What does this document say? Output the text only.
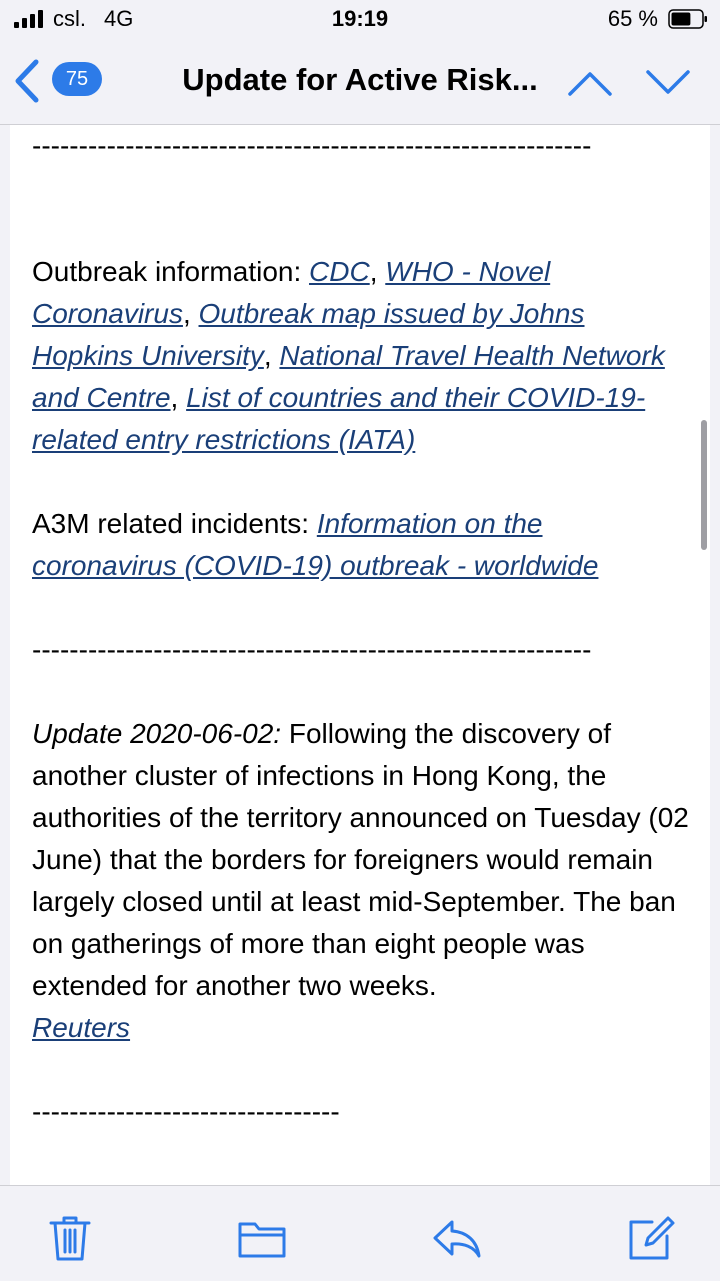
csl. 4G	19:19	65 %
75	Update for Active Risk...
------------------------------------------------------------
Outbreak information: CDC, WHO - Novel Coronavirus, Outbreak map issued by Johns Hopkins University, National Travel Health Network and Centre, List of countries and their COVID-19-related entry restrictions (IATA)
A3M related incidents: Information on the coronavirus (COVID-19) outbreak - worldwide
------------------------------------------------------------
Update 2020-06-02: Following the discovery of another cluster of infections in Hong Kong, the authorities of the territory announced on Tuesday (02 June) that the borders for foreigners would remain largely closed until at least mid-September. The ban on gatherings of more than eight people was extended for another two weeks.
Reuters
---------------------------------
